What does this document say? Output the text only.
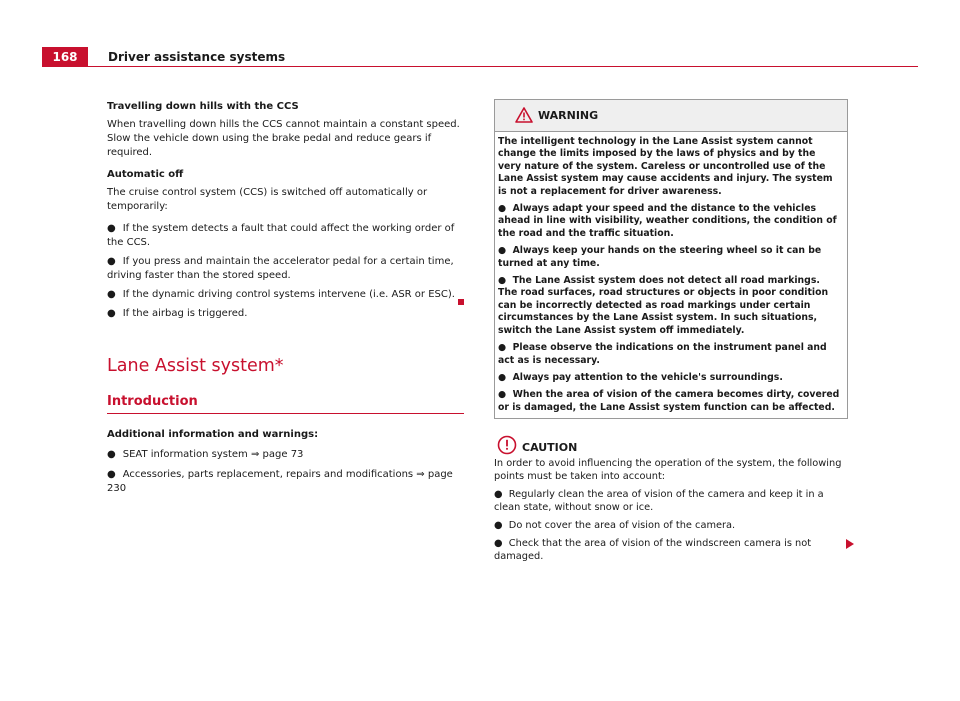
168	Driver assistance systems

Travelling down hills with the CCS

When travelling down hills the CCS cannot maintain a constant speed. Slow the vehicle down using the brake pedal and reduce gears if required.

Automatic off

The cruise control system (CCS) is switched off automatically or temporarily:

● If the system detects a fault that could affect the working order of the CCS.

● If you press and maintain the accelerator pedal for a certain time, driving faster than the stored speed.

● If the dynamic driving control systems intervene (i.e. ASR or ESC).

● If the airbag is triggered.

Lane Assist system*
Introduction

Additional information and warnings:

● SEAT information system ⇒ page 73

● Accessories, parts replacement, repairs and modifications ⇒ page 230

WARNING

The intelligent technology in the Lane Assist system cannot change the limits imposed by the laws of physics and by the very nature of the system. Careless or uncontrolled use of the Lane Assist system may cause accidents and injury. The system is not a replacement for driver awareness.

●  Always adapt your speed and the distance to the vehicles ahead in line with visibility, weather conditions, the condition of the road and the traffic situation.

●  Always keep your hands on the steering wheel so it can be turned at any time.

●  The Lane Assist system does not detect all road markings. The road surfaces, road structures or objects in poor condition can be incorrectly detected as road markings under certain circumstances by the Lane Assist system. In such situations, switch the Lane Assist system off immediately.

●  Please observe the indications on the instrument panel and act as is necessary.

●  Always pay attention to the vehicle's surroundings.

●  When the area of vision of the camera becomes dirty, covered or is damaged, the Lane Assist system function can be affected.

CAUTION

In order to avoid influencing the operation of the system, the following points must be taken into account:

●  Regularly clean the area of vision of the camera and keep it in a clean state, without snow or ice.

●  Do not cover the area of vision of the camera.

●  Check that the area of vision of the windscreen camera is not damaged.
